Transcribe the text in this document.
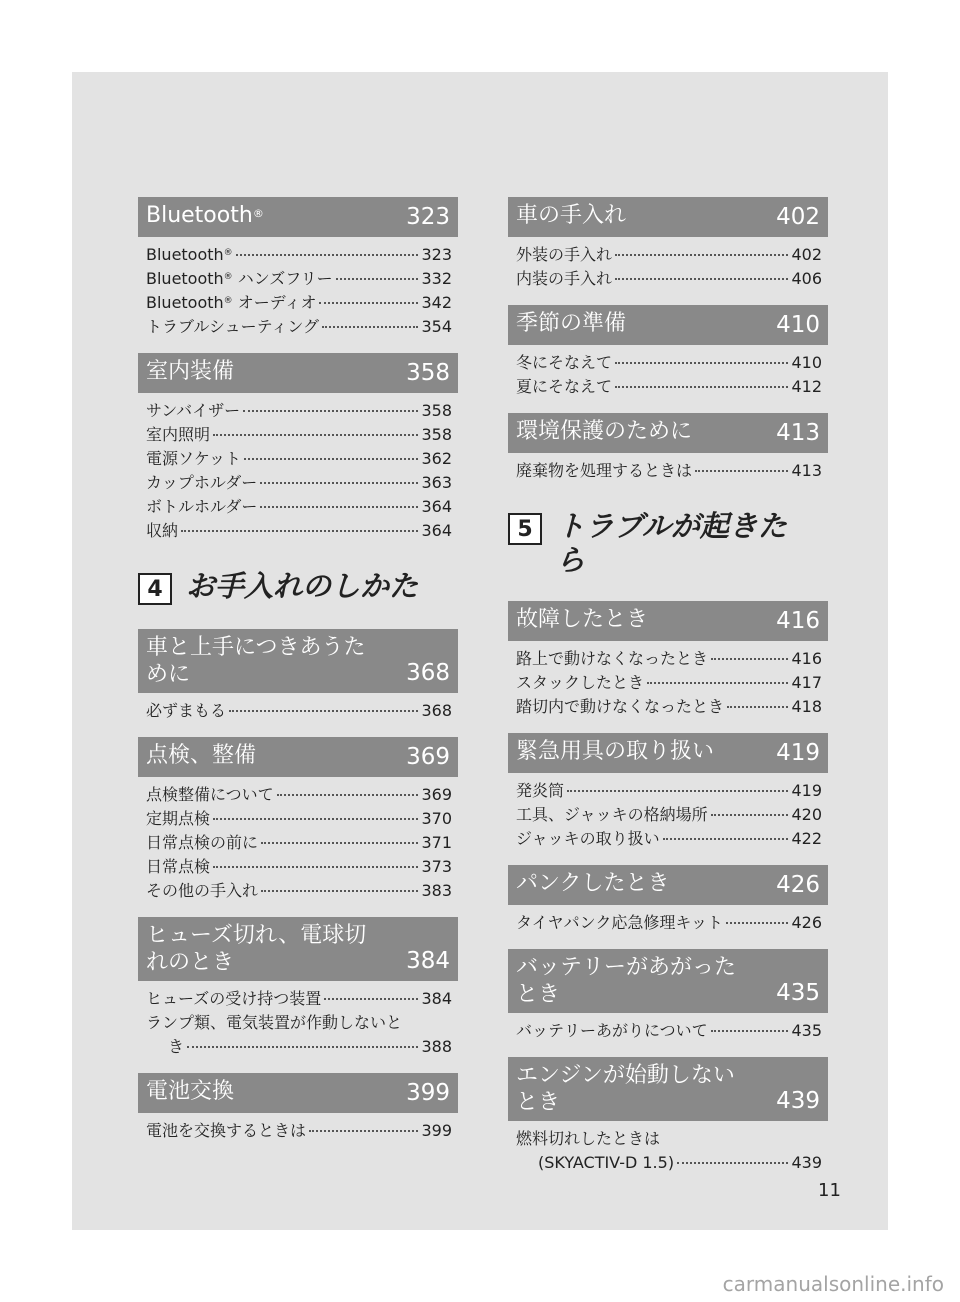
Bluetooth®	323
Bluetooth®	323
Bluetooth® ハンズフリー	332
Bluetooth® オーディオ	342
トラブルシューティング	354
室内装備	358
サンバイザー	358
室内照明	358
電源ソケット	362
カップホルダー	363
ボトルホルダー	364
収納	364
4 お手入れのしかた
車と上手につきあうために	368
必ずまもる	368
点検、整備	369
点検整備について	369
定期点検	370
日常点検の前に	371
日常点検	373
その他の手入れ	383
ヒューズ切れ、電球切れのとき	384
ヒューズの受け持つ装置	384
ランプ類、電気装置が作動しないと
き	388
電池交換	399
電池を交換するときは	399
車の手入れ	402
外装の手入れ	402
内装の手入れ	406
季節の準備	410
冬にそなえて	410
夏にそなえて	412
環境保護のために	413
廃棄物を処理するときは	413
5 トラブルが起きたら
故障したとき	416
路上で動けなくなったとき	416
スタックしたとき	417
踏切内で動けなくなったとき	418
緊急用具の取り扱い	419
発炎筒	419
工具、ジャッキの格納場所	420
ジャッキの取り扱い	422
パンクしたとき	426
タイヤパンク応急修理キット	426
バッテリーがあがったとき	435
バッテリーあがりについて	435
エンジンが始動しないとき	439
燃料切れしたときは
(SKYACTIV-D 1.5)	439
11
carmanualsonline.info
